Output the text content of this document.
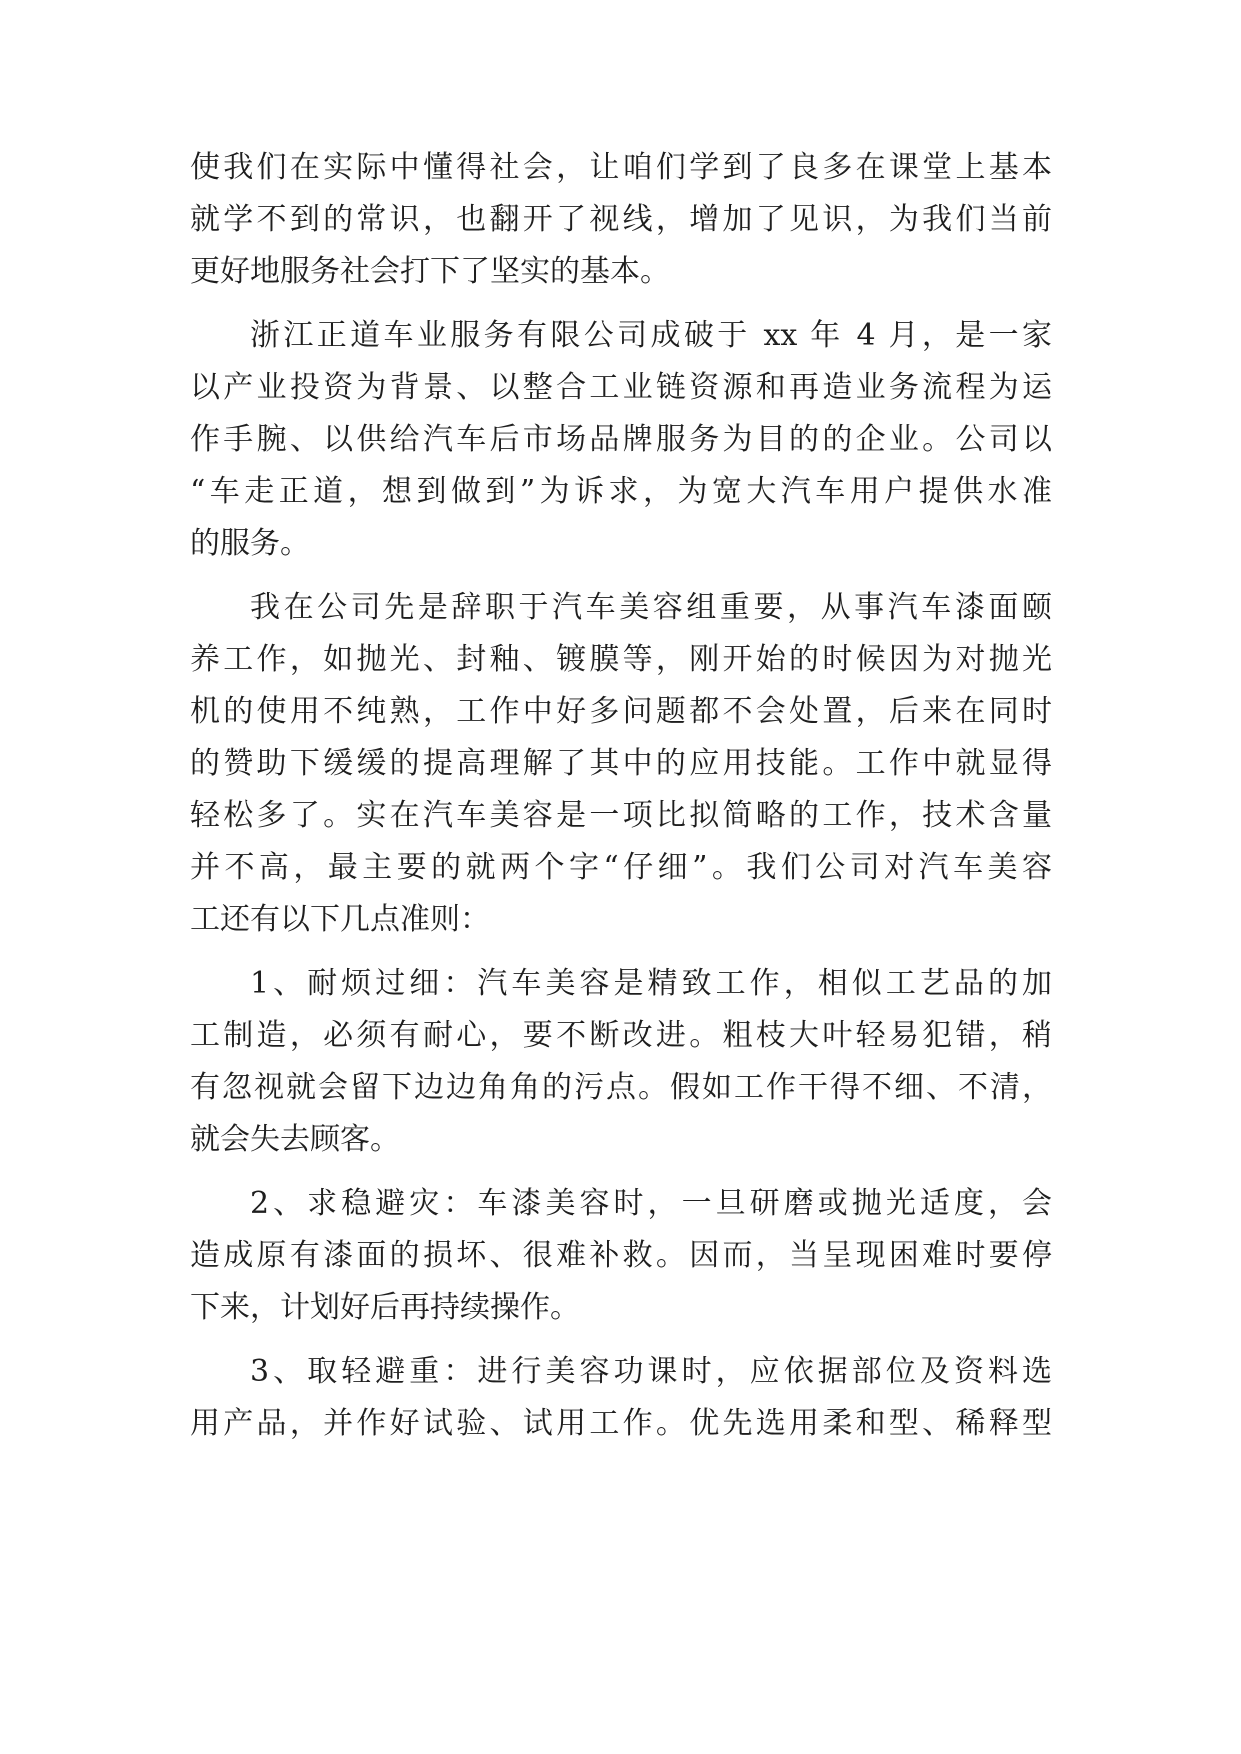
使我们在实际中懂得社会，让咱们学到了良多在课堂上基本
就学不到的常识，也翻开了视线，增加了见识，为我们当前
更好地服务社会打下了坚实的基本。
浙江正道车业服务有限公司成破于 xx 年 4 月，是一家
以产业投资为背景、以整合工业链资源和再造业务流程为运
作手腕、以供给汽车后市场品牌服务为目的的企业。公司以
“车走正道，想到做到”为诉求，为宽大汽车用户提供水准
的服务。
我在公司先是辞职于汽车美容组重要，从事汽车漆面颐
养工作，如抛光、封釉、镀膜等，刚开始的时候因为对抛光
机的使用不纯熟，工作中好多问题都不会处置，后来在同时
的赞助下缓缓的提高理解了其中的应用技能。工作中就显得
轻松多了。实在汽车美容是一项比拟简略的工作，技术含量
并不高，最主要的就两个字“仔细”。我们公司对汽车美容
工还有以下几点准则：
1、耐烦过细：汽车美容是精致工作，相似工艺品的加
工制造，必须有耐心，要不断改进。粗枝大叶轻易犯错，稍
有忽视就会留下边边角角的污点。假如工作干得不细、不清，
就会失去顾客。
2、求稳避灾：车漆美容时，一旦研磨或抛光适度，会
造成原有漆面的损坏、很难补救。因而，当呈现困难时要停
下来，计划好后再持续操作。
3、取轻避重：进行美容功课时，应依据部位及资料选
用产品，并作好试验、试用工作。优先选用柔和型、稀释型
